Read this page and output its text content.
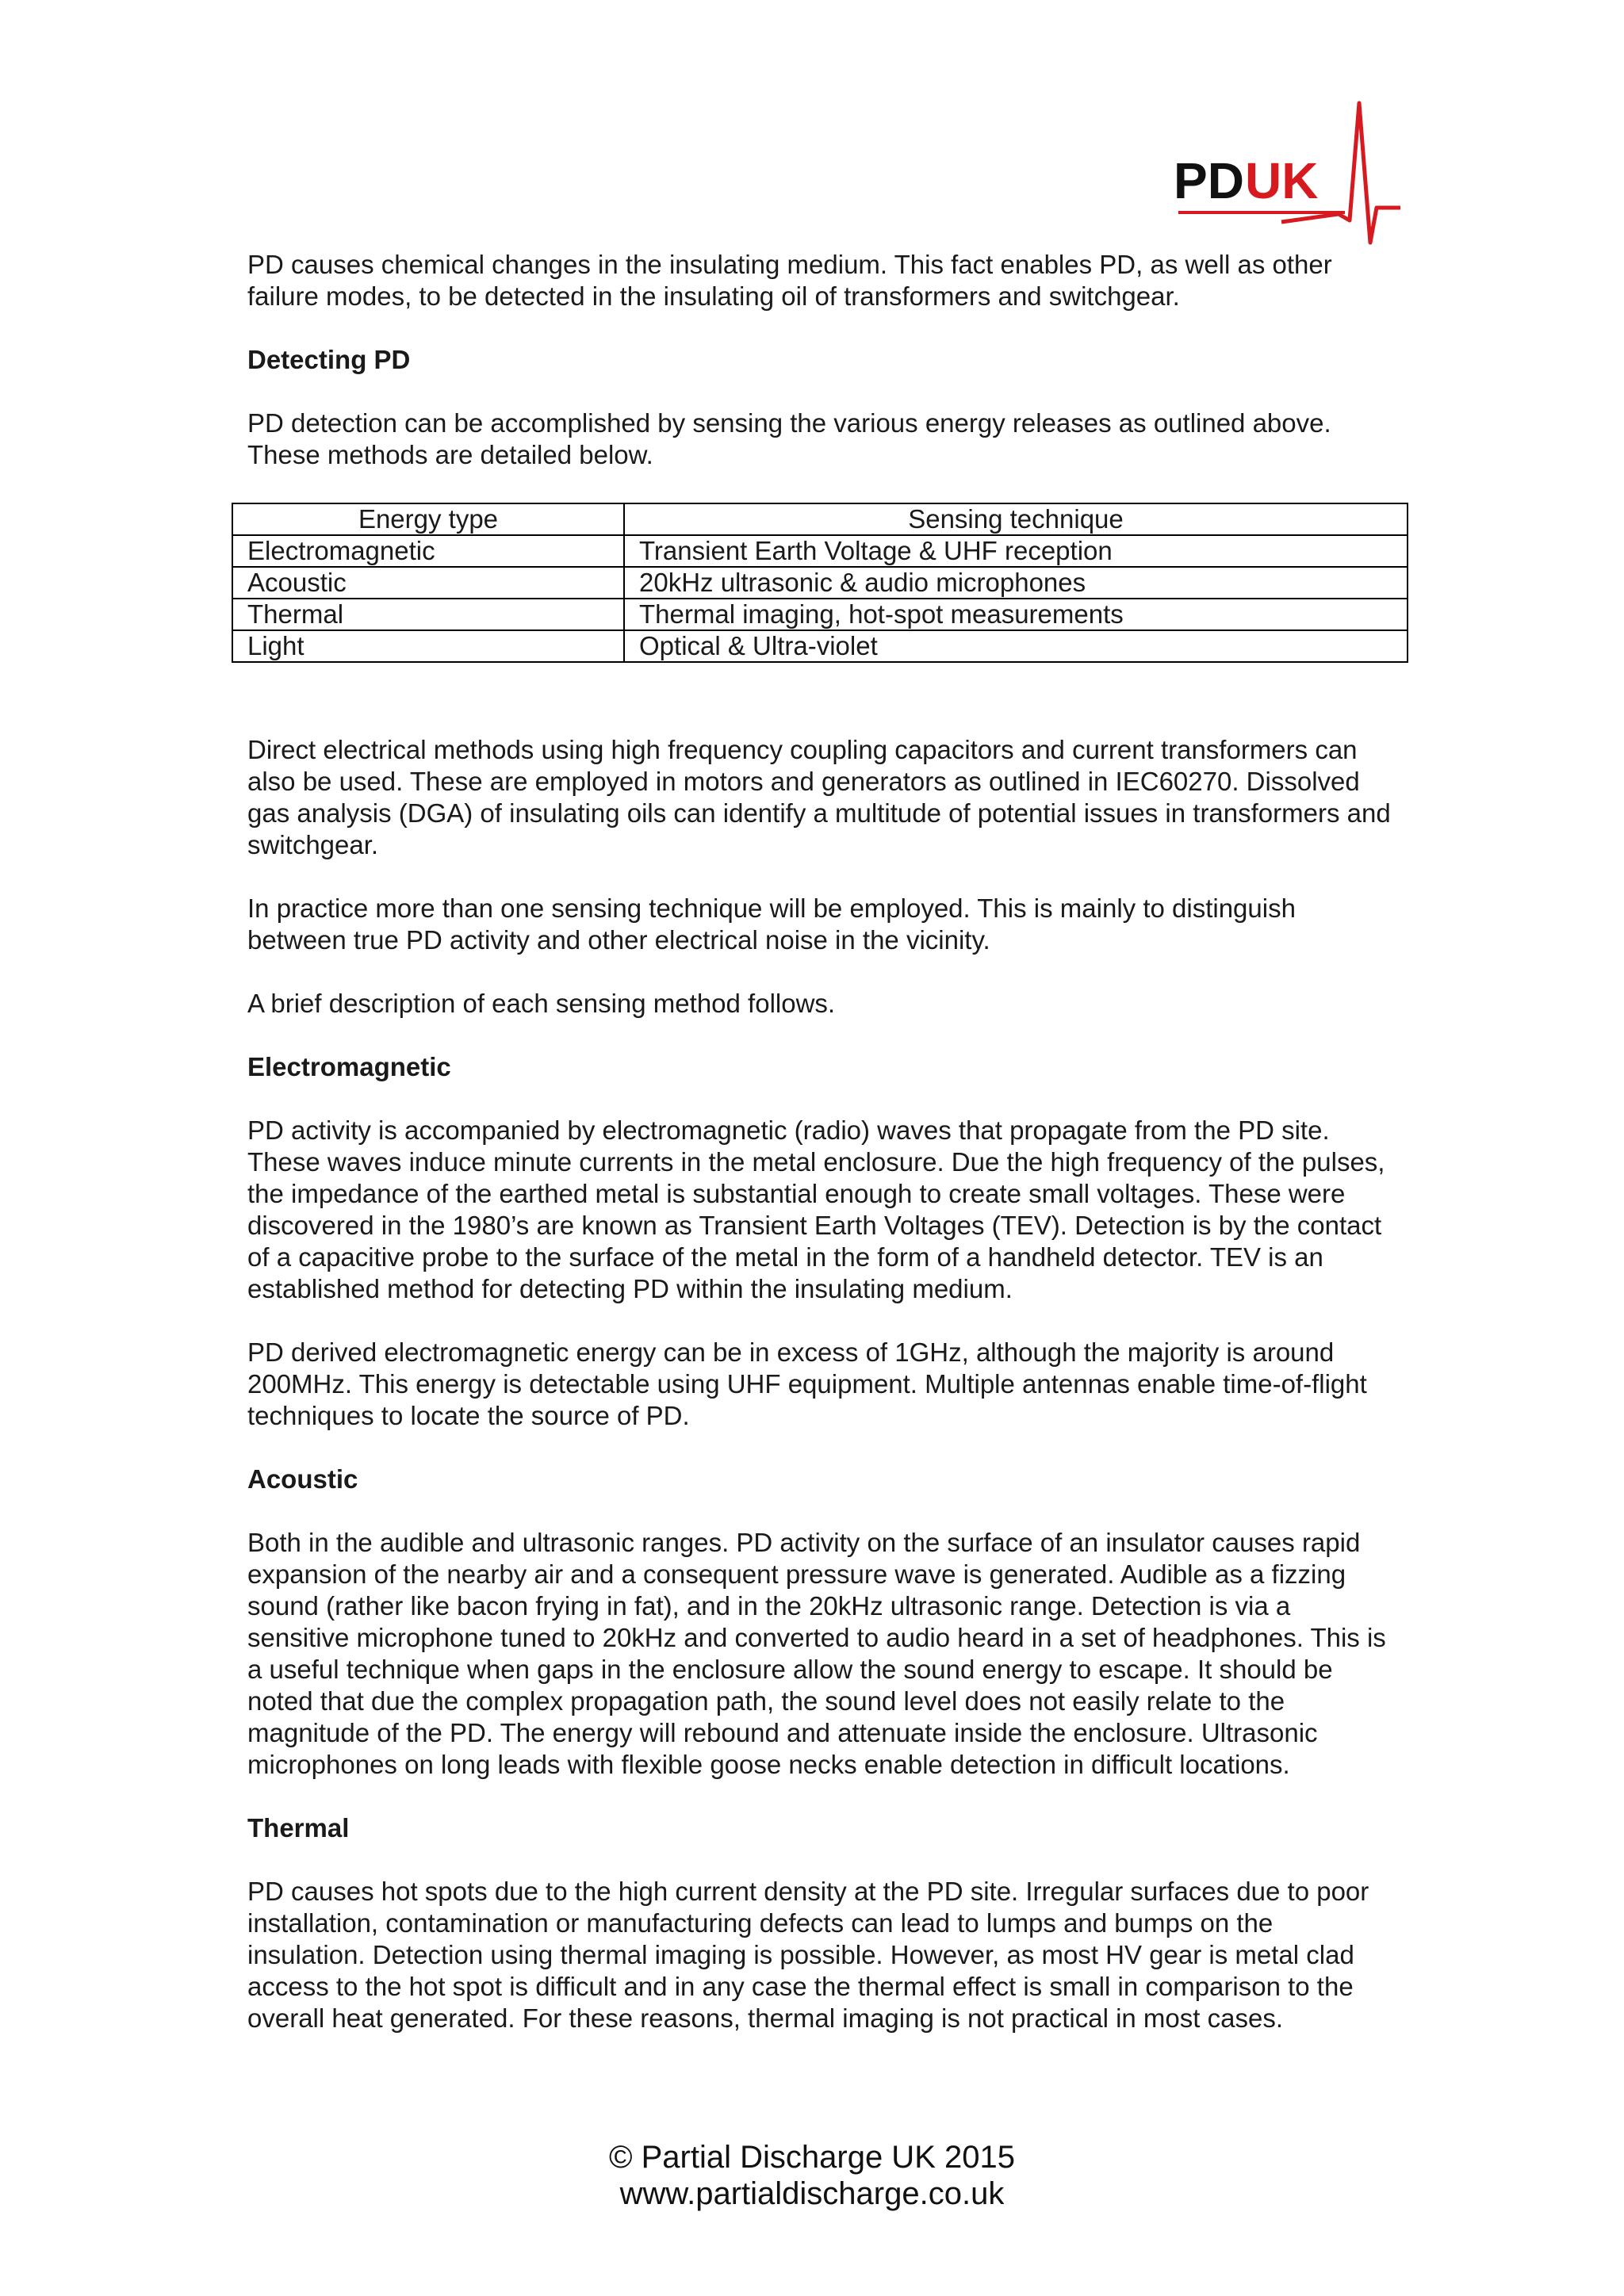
PD UK

PD causes chemical changes in the insulating medium. This fact enables PD, as well as other failure modes, to be detected in the insulating oil of transformers and switchgear.

Detecting PD

PD detection can be accomplished by sensing the various energy releases as outlined above. These methods are detailed below.

Energy type	Sensing technique
Electromagnetic	Transient Earth Voltage & UHF reception
Acoustic	20kHz ultrasonic & audio microphones
Thermal	Thermal imaging, hot-spot measurements
Light	Optical & Ultra-violet

Direct electrical methods using high frequency coupling capacitors and current transformers can also be used. These are employed in motors and generators as outlined in IEC60270. Dissolved gas analysis (DGA) of insulating oils can identify a multitude of potential issues in transformers and switchgear.

In practice more than one sensing technique will be employed. This is mainly to distinguish between true PD activity and other electrical noise in the vicinity.

A brief description of each sensing method follows.

Electromagnetic

PD activity is accompanied by electromagnetic (radio) waves that propagate from the PD site. These waves induce minute currents in the metal enclosure. Due the high frequency of the pulses, the impedance of the earthed metal is substantial enough to create small voltages. These were discovered in the 1980’s are known as Transient Earth Voltages (TEV). Detection is by the contact of a capacitive probe to the surface of the metal in the form of a handheld detector. TEV is an established method for detecting PD within the insulating medium.

PD derived electromagnetic energy can be in excess of 1GHz, although the majority is around 200MHz. This energy is detectable using UHF equipment. Multiple antennas enable time-of-flight techniques to locate the source of PD.

Acoustic

Both in the audible and ultrasonic ranges. PD activity on the surface of an insulator causes rapid expansion of the nearby air and a consequent pressure wave is generated. Audible as a fizzing sound (rather like bacon frying in fat), and in the 20kHz ultrasonic range. Detection is via a sensitive microphone tuned to 20kHz and converted to audio heard in a set of headphones. This is a useful technique when gaps in the enclosure allow the sound energy to escape. It should be noted that due the complex propagation path, the sound level does not easily relate to the magnitude of the PD. The energy will rebound and attenuate inside the enclosure. Ultrasonic microphones on long leads with flexible goose necks enable detection in difficult locations.

Thermal

PD causes hot spots due to the high current density at the PD site. Irregular surfaces due to poor installation, contamination or manufacturing defects can lead to lumps and bumps on the insulation. Detection using thermal imaging is possible. However, as most HV gear is metal clad access to the hot spot is difficult and in any case the thermal effect is small in comparison to the overall heat generated. For these reasons, thermal imaging is not practical in most cases.

© Partial Discharge UK 2015
www.partialdischarge.co.uk
